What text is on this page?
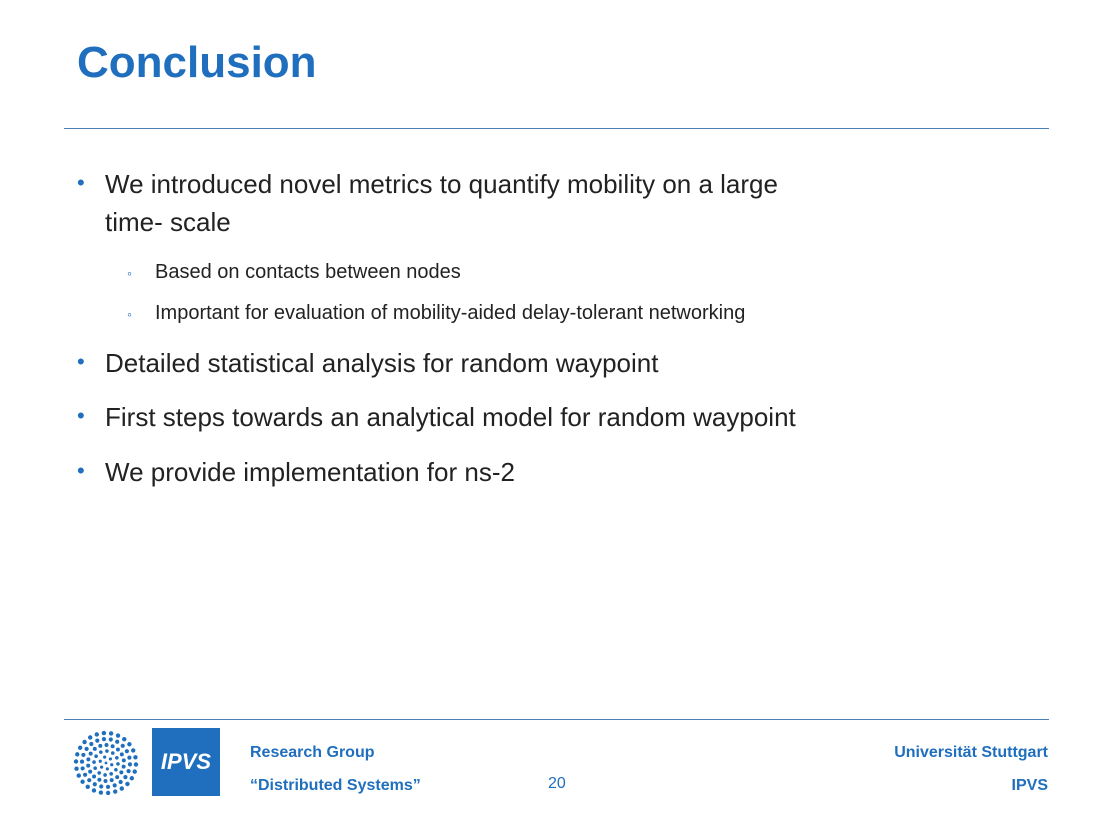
Conclusion
• We introduced novel metrics to quantify mobility on a large
time- scale
◦ Based on contacts between nodes
◦ Important for evaluation of mobility-aided delay-tolerant networking
• Detailed statistical analysis for random waypoint
• First steps towards an analytical model for random waypoint
• We provide implementation for ns-2
IPVS Research Group
“Distributed Systems”	20
Universität Stuttgart
IPVS
